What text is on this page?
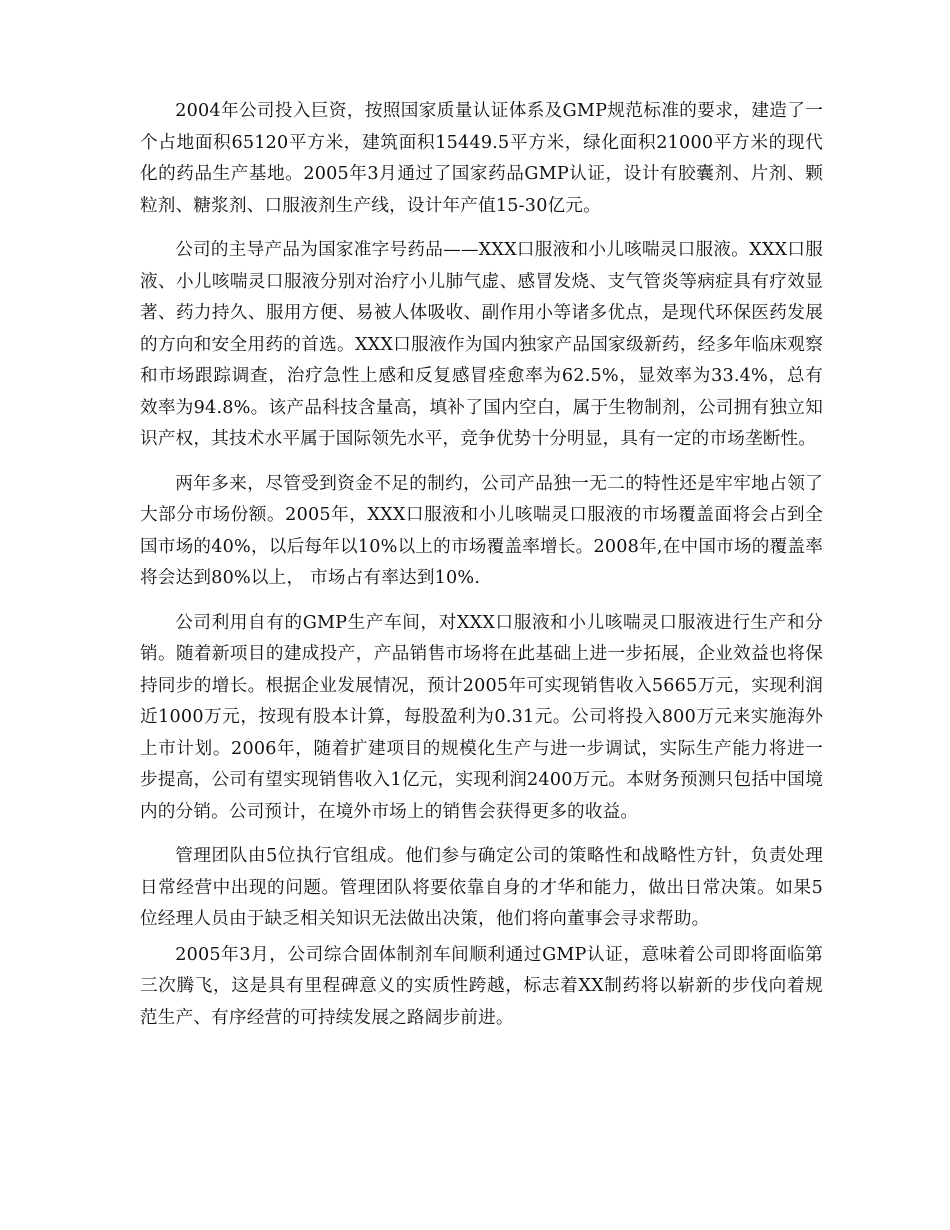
2004年公司投入巨资，按照国家质量认证体系及GMP规范标准的要求，建造了一个占地面积65120平方米，建筑面积15449.5平方米，绿化面积21000平方米的现代化的药品生产基地。2005年3月通过了国家药品GMP认证，设计有胶囊剂、片剂、颗粒剂、糖浆剂、口服液剂生产线，设计年产值15-30亿元。

公司的主导产品为国家准字号药品——XXX口服液和小儿咳喘灵口服液。XXX口服液、小儿咳喘灵口服液分别对治疗小儿肺气虚、感冒发烧、支气管炎等病症具有疗效显著、药力持久、服用方便、易被人体吸收、副作用小等诸多优点，是现代环保医药发展的方向和安全用药的首选。XXX口服液作为国内独家产品国家级新药，经多年临床观察和市场跟踪调查，治疗急性上感和反复感冒痊愈率为62.5%，显效率为33.4%，总有效率为94.8%。该产品科技含量高，填补了国内空白，属于生物制剂，公司拥有独立知识产权，其技术水平属于国际领先水平，竞争优势十分明显，具有一定的市场垄断性。

两年多来，尽管受到资金不足的制约，公司产品独一无二的特性还是牢牢地占领了大部分市场份额。2005年，XXX口服液和小儿咳喘灵口服液的市场覆盖面将会占到全国市场的40%，以后每年以10%以上的市场覆盖率增长。2008年,在中国市场的覆盖率将会达到80%以上， 市场占有率达到10%.

公司利用自有的GMP生产车间，对XXX口服液和小儿咳喘灵口服液进行生产和分销。随着新项目的建成投产，产品销售市场将在此基础上进一步拓展，企业效益也将保持同步的增长。根据企业发展情况，预计2005年可实现销售收入5665万元，实现利润近1000万元，按现有股本计算，每股盈利为0.31元。公司将投入800万元来实施海外上市计划。2006年，随着扩建项目的规模化生产与进一步调试，实际生产能力将进一步提高，公司有望实现销售收入1亿元，实现利润2400万元。本财务预测只包括中国境内的分销。公司预计，在境外市场上的销售会获得更多的收益。

管理团队由5位执行官组成。他们参与确定公司的策略性和战略性方针，负责处理日常经营中出现的问题。管理团队将要依靠自身的才华和能力，做出日常决策。如果5位经理人员由于缺乏相关知识无法做出决策，他们将向董事会寻求帮助。

2005年3月，公司综合固体制剂车间顺利通过GMP认证，意味着公司即将面临第三次腾飞，这是具有里程碑意义的实质性跨越，标志着XX制药将以崭新的步伐向着规范生产、有序经营的可持续发展之路阔步前进。
